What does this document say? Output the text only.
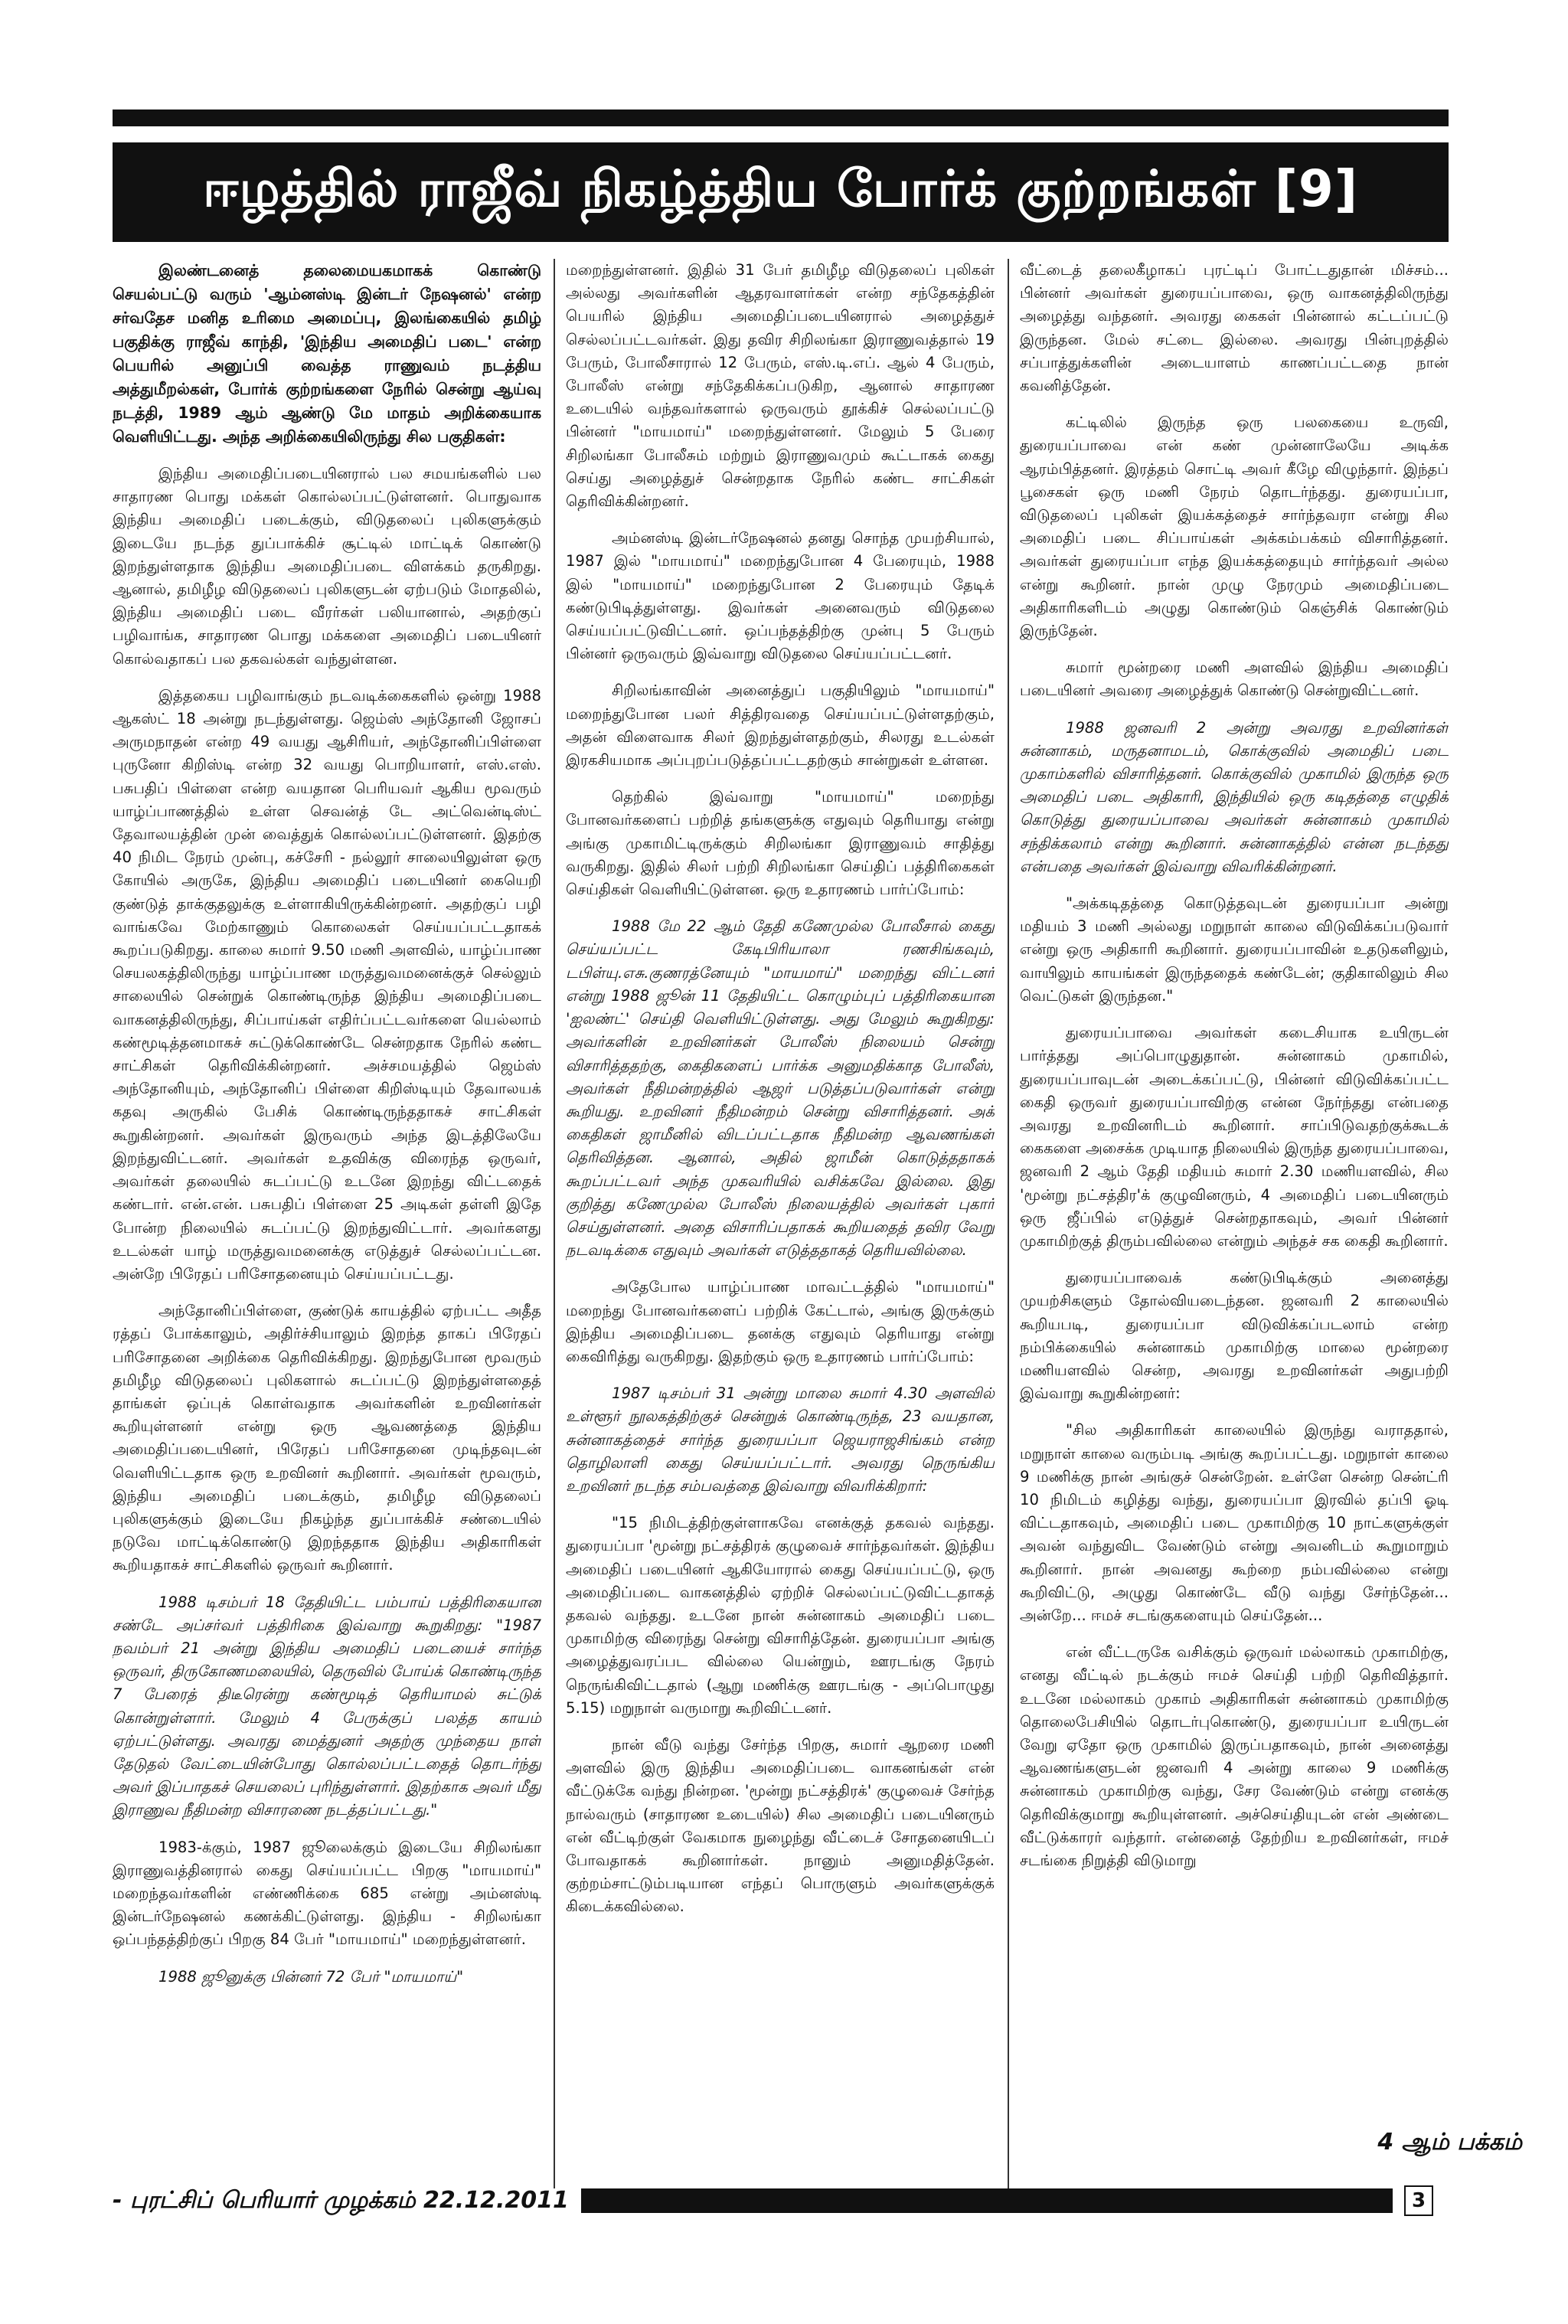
ஈழத்தில் ராஜீவ் நிகழ்த்திய போர்க் குற்றங்கள் [9]

இலண்டனைத் தலைமையகமாகக் கொண்டு செயல்பட்டு வரும் 'ஆம்னஸ்டி இன்டர் நேஷனல்' என்ற சர்வதேச மனித உரிமை அமைப்பு, இலங்கையில் தமிழ் பகுதிக்கு ராஜீவ் காந்தி, 'இந்திய அமைதிப் படை' என்ற பெயரில் அனுப்பி வைத்த ராணுவம் நடத்திய அத்துமீறல்கள், போர்க் குற்றங்களை நேரில் சென்று ஆய்வு நடத்தி, 1989 ஆம் ஆண்டு மே மாதம் அறிக்கையாக வெளியிட்டது. அந்த அறிக்கையிலிருந்து சில பகுதிகள்:

இந்திய அமைதிப்படையினரால் பல சமயங்களில் பல சாதாரண பொது மக்கள் கொல்லப்பட்டுள்ளனர். பொதுவாக இந்திய அமைதிப் படைக்கும், விடுதலைப் புலிகளுக்கும் இடையே நடந்த துப்பாக்கிச் சூட்டில் மாட்டிக் கொண்டு இறந்துள்ளதாக இந்திய அமைதிப்படை விளக்கம் தருகிறது. ஆனால், தமிழீழ விடுதலைப் புலிகளுடன் ஏற்படும் மோதலில், இந்திய அமைதிப் படை வீரர்கள் பலியானால், அதற்குப் பழிவாங்க, சாதாரண பொது மக்களை அமைதிப் படையினர் கொல்வதாகப் பல தகவல்கள் வந்துள்ளன.

இத்தகைய பழிவாங்கும் நடவடிக்கைகளில் ஒன்று 1988 ஆகஸ்ட் 18 அன்று நடந்துள்ளது. ஜெம்ஸ் அந்தோனி ஜோசப் அருமநாதன் என்ற 49 வயது ஆசிரியர், அந்தோனிப்பிள்ளை புருனோ கிறிஸ்டி என்ற 32 வயது பொறியாளர், எஸ்.எஸ். பசுபதிப் பிள்ளை என்ற வயதான பெரியவர் ஆகிய மூவரும் யாழ்ப்பாணத்தில் உள்ள செவன்த் டே அட்வென்டிஸ்ட் தேவாலயத்தின் முன் வைத்துக் கொல்லப்பட்டுள்ளனர். இதற்கு 40 நிமிட நேரம் முன்பு, கச்சேரி - நல்லூர் சாலையிலுள்ள ஒரு கோயில் அருகே, இந்திய அமைதிப் படையினர் கையெறி குண்டுத் தாக்குதலுக்கு உள்ளாகியிருக்கின்றனர். அதற்குப் பழி வாங்கவே மேற்காணும் கொலைகள் செய்யப்பட்டதாகக் கூறப்படுகிறது. காலை சுமார் 9.50 மணி அளவில், யாழ்ப்பாண செயலகத்திலிருந்து யாழ்ப்பாண மருத்துவமனைக்குச் செல்லும் சாலையில் சென்றுக் கொண்டிருந்த இந்திய அமைதிப்படை வாகனத்திலிருந்து, சிப்பாய்கள் எதிர்ப்பட்டவர்களை யெல்லாம் கண்மூடித்தனமாகச் சுட்டுக்கொண்டே சென்றதாக நேரில் கண்ட சாட்சிகள் தெரிவிக்கின்றனர். அச்சமயத்தில் ஜெம்ஸ் அந்தோனியும், அந்தோனிப் பிள்ளை கிறிஸ்டியும் தேவாலயக் கதவு அருகில் பேசிக் கொண்டிருந்ததாகச் சாட்சிகள் கூறுகின்றனர். அவர்கள் இருவரும் அந்த இடத்திலேயே இறந்துவிட்டனர். அவர்கள் உதவிக்கு விரைந்த ஒருவர், அவர்கள் தலையில் சுடப்பட்டு உடனே இறந்து விட்டதைக் கண்டார். என்.என். பசுபதிப் பிள்ளை 25 அடிகள் தள்ளி இதே போன்ற நிலையில் சுடப்பட்டு இறந்துவிட்டார். அவர்களது உடல்கள் யாழ் மருத்துவமனைக்கு எடுத்துச் செல்லப்பட்டன. அன்றே பிரேதப் பரிசோதனையும் செய்யப்பட்டது.

அந்தோனிப்பிள்ளை, குண்டுக் காயத்தில் ஏற்பட்ட அதீத ரத்தப் போக்காலும், அதிர்ச்சியாலும் இறந்த தாகப் பிரேதப் பரிசோதனை அறிக்கை தெரிவிக்கிறது. இறந்துபோன மூவரும் தமிழீழ விடுதலைப் புலிகளால் சுடப்பட்டு இறந்துள்ளதைத் தாங்கள் ஒப்புக் கொள்வதாக அவர்களின் உறவினர்கள் கூறியுள்ளனர் என்று ஒரு ஆவணத்தை இந்திய அமைதிப்படையினர், பிரேதப் பரிசோதனை முடிந்தவுடன் வெளியிட்டதாக ஒரு உறவினர் கூறினார். அவர்கள் மூவரும், இந்திய அமைதிப் படைக்கும், தமிழீழ விடுதலைப் புலிகளுக்கும் இடையே நிகழ்ந்த துப்பாக்கிச் சண்டையில் நடுவே மாட்டிக்கொண்டு இறந்ததாக இந்திய அதிகாரிகள் கூறியதாகச் சாட்சிகளில் ஒருவர் கூறினார்.

1988 டிசம்பர் 18 தேதியிட்ட பம்பாய் பத்திரிகையான சண்டே அப்சர்வர் பத்திரிகை இவ்வாறு கூறுகிறது: "1987 நவம்பர் 21 அன்று இந்திய அமைதிப் படையைச் சார்ந்த ஒருவர், திருகோணமலையில், தெருவில் போய்க் கொண்டிருந்த 7 பேரைத் திடீரென்று கண்மூடித் தெரியாமல் சுட்டுக் கொன்றுள்ளார். மேலும் 4 பேருக்குப் பலத்த காயம் ஏற்பட்டுள்ளது. அவரது மைத்துனர் அதற்கு முந்தைய நாள் தேடுதல் வேட்டையின்போது கொல்லப்பட்டதைத் தொடர்ந்து அவர் இப்பாதகச் செயலைப் புரிந்துள்ளார். இதற்காக அவர் மீது இராணுவ நீதிமன்ற விசாரணை நடத்தப்பட்டது."

1983-க்கும், 1987 ஜூலைக்கும் இடையே சிறிலங்கா இராணுவத்தினரால் கைது செய்யப்பட்ட பிறகு "மாயமாய்" மறைந்தவர்களின் எண்ணிக்கை 685 என்று அம்னஸ்டி இன்டர்நேஷனல் கணக்கிட்டுள்ளது. இந்திய - சிறிலங்கா ஒப்பந்தத்திற்குப் பிறகு 84 பேர் "மாயமாய்" மறைந்துள்ளனர்.

1988 ஜூனுக்கு பின்னர் 72 பேர் "மாயமாய்"

மறைந்துள்ளனர். இதில் 31 பேர் தமிழீழ விடுதலைப் புலிகள் அல்லது அவர்களின் ஆதரவாளர்கள் என்ற சந்தேகத்தின் பெயரில் இந்திய அமைதிப்படையினரால் அழைத்துச் செல்லப்பட்டவர்கள். இது தவிர சிறிலங்கா இராணுவத்தால் 19 பேரும், போலீசாரால் 12 பேரும், எஸ்.டி.எப். ஆல் 4 பேரும், போலீஸ் என்று சந்தேகிக்கப்படுகிற, ஆனால் சாதாரண உடையில் வந்தவர்களால் ஒருவரும் தூக்கிச் செல்லப்பட்டு பின்னர் "மாயமாய்" மறைந்துள்ளனர். மேலும் 5 பேரை சிறிலங்கா போலீசும் மற்றும் இராணுவமும் கூட்டாகக் கைது செய்து அழைத்துச் சென்றதாக நேரில் கண்ட சாட்சிகள் தெரிவிக்கின்றனர்.

அம்னஸ்டி இன்டர்நேஷனல் தனது சொந்த முயற்சியால், 1987 இல் "மாயமாய்" மறைந்துபோன 4 பேரையும், 1988 இல் "மாயமாய்" மறைந்துபோன 2 பேரையும் தேடிக் கண்டுபிடித்துள்ளது. இவர்கள் அனைவரும் விடுதலை செய்யப்பட்டுவிட்டனர். ஒப்பந்தத்திற்கு முன்பு 5 பேரும் பின்னர் ஒருவரும் இவ்வாறு விடுதலை செய்யப்பட்டனர்.

சிறிலங்காவின் அனைத்துப் பகுதியிலும் "மாயமாய்" மறைந்துபோன பலர் சித்திரவதை செய்யப்பட்டுள்ளதற்கும், அதன் விளைவாக சிலர் இறந்துள்ளதற்கும், சிலரது உடல்கள் இரகசியமாக அப்புறப்படுத்தப்பட்டதற்கும் சான்றுகள் உள்ளன.

தெற்கில் இவ்வாறு "மாயமாய்" மறைந்து போனவர்களைப் பற்றித் தங்களுக்கு எதுவும் தெரியாது என்று அங்கு முகாமிட்டிருக்கும் சிறிலங்கா இராணுவம் சாதித்து வருகிறது. இதில் சிலர் பற்றி சிறிலங்கா செய்திப் பத்திரிகைகள் செய்திகள் வெளியிட்டுள்ளன. ஒரு உதாரணம் பார்ப்போம்:

1988 மே 22 ஆம் தேதி கணேமுல்ல போலீசால் கைது செய்யப்பட்ட கேடிபிரியாலா ரணசிங்கவும், டபிள்யு.எசு.குணரத்னேயும் "மாயமாய்" மறைந்து விட்டனர் என்று 1988 ஜூன் 11 தேதியிட்ட கொழும்புப் பத்திரிகையான 'ஐலண்ட்' செய்தி வெளியிட்டுள்ளது. அது மேலும் கூறுகிறது: அவர்களின் உறவினர்கள் போலீஸ் நிலையம் சென்று விசாரித்ததற்கு, கைதிகளைப் பார்க்க அனுமதிக்காத போலீஸ், அவர்கள் நீதிமன்றத்தில் ஆஜர் படுத்தப்படுவார்கள் என்று கூறியது. உறவினர் நீதிமன்றம் சென்று விசாரித்தனர். அக் கைதிகள் ஜாமீனில் விடப்பட்டதாக நீதிமன்ற ஆவணங்கள் தெரிவித்தன. ஆனால், அதில் ஜாமீன் கொடுத்ததாகக் கூறப்பட்டவர் அந்த முகவரியில் வசிக்கவே இல்லை. இது குறித்து கணேமுல்ல போலீஸ் நிலையத்தில் அவர்கள் புகார் செய்துள்ளனர். அதை விசாரிப்பதாகக் கூறியதைத் தவிர வேறு நடவடிக்கை எதுவும் அவர்கள் எடுத்ததாகத் தெரியவில்லை.

அதேபோல யாழ்ப்பாண மாவட்டத்தில் "மாயமாய்" மறைந்து போனவர்களைப் பற்றிக் கேட்டால், அங்கு இருக்கும் இந்திய அமைதிப்படை தனக்கு எதுவும் தெரியாது என்று கைவிரித்து வருகிறது. இதற்கும் ஒரு உதாரணம் பார்ப்போம்:

1987 டிசம்பர் 31 அன்று மாலை சுமார் 4.30 அளவில் உள்ளூர் நூலகத்திற்குச் சென்றுக் கொண்டிருந்த, 23 வயதான, சுன்னாகத்தைச் சார்ந்த துரையப்பா ஜெயராஜசிங்கம் என்ற தொழிலாளி கைது செய்யப்பட்டார். அவரது நெருங்கிய உறவினர் நடந்த சம்பவத்தை இவ்வாறு விவரிக்கிறார்:

"15 நிமிடத்திற்குள்ளாகவே எனக்குத் தகவல் வந்தது. துரையப்பா 'மூன்று நட்சத்திரக் குழுவைச் சார்ந்தவர்கள். இந்திய அமைதிப் படையினர் ஆகியோரால் கைது செய்யப்பட்டு, ஒரு அமைதிப்படை வாகனத்தில் ஏற்றிச் செல்லப்பட்டுவிட்டதாகத் தகவல் வந்தது. உடனே நான் சுன்னாகம் அமைதிப் படை முகாமிற்கு விரைந்து சென்று விசாரித்தேன். துரையப்பா அங்கு அழைத்துவரப்பட வில்லை யென்றும், ஊரடங்கு நேரம் நெருங்கிவிட்டதால் (ஆறு மணிக்கு ஊரடங்கு - அப்பொழுது 5.15) மறுநாள் வருமாறு கூறிவிட்டனர்.

நான் வீடு வந்து சேர்ந்த பிறகு, சுமார் ஆறரை மணி அளவில் இரு இந்திய அமைதிப்படை வாகனங்கள் என் வீட்டுக்கே வந்து நின்றன. 'மூன்று நட்சத்திரக்' குழுவைச் சேர்ந்த நால்வரும் (சாதாரண உடையில்) சில அமைதிப் படையினரும் என் வீட்டிற்குள் வேகமாக நுழைந்து வீட்டைச் சோதனையிடப் போவதாகக் கூறினார்கள். நானும் அனுமதித்தேன். குற்றம்சாட்டும்படியான எந்தப் பொருளும் அவர்களுக்குக் கிடைக்கவில்லை.

வீட்டைத் தலைகீழாகப் புரட்டிப் போட்டதுதான் மிச்சம்... பின்னர் அவர்கள் துரையப்பாவை, ஒரு வாகனத்திலிருந்து அழைத்து வந்தனர். அவரது கைகள் பின்னால் கட்டப்பட்டு இருந்தன. மேல் சட்டை இல்லை. அவரது பின்புறத்தில் சப்பாத்துக்களின் அடையாளம் காணப்பட்டதை நான் கவனித்தேன்.

கட்டிலில் இருந்த ஒரு பலகையை உருவி, துரையப்பாவை என் கண் முன்னாலேயே அடிக்க ஆரம்பித்தனர். இரத்தம் சொட்டி அவர் கீழே விழுந்தார். இந்தப் பூசைகள் ஒரு மணி நேரம் தொடர்ந்தது. துரையப்பா, விடுதலைப் புலிகள் இயக்கத்தைச் சார்ந்தவரா என்று சில அமைதிப் படை சிப்பாய்கள் அக்கம்பக்கம் விசாரித்தனர். அவர்கள் துரையப்பா எந்த இயக்கத்தையும் சார்ந்தவர் அல்ல என்று கூறினர். நான் முழு நேரமும் அமைதிப்படை அதிகாரிகளிடம் அழுது கொண்டும் கெஞ்சிக் கொண்டும் இருந்தேன்.

சுமார் மூன்றரை மணி அளவில் இந்திய அமைதிப் படையினர் அவரை அழைத்துக் கொண்டு சென்றுவிட்டனர்.

1988 ஜனவரி 2 அன்று அவரது உறவினர்கள் சுன்னாகம், மருதனாமடம், கொக்குவில் அமைதிப் படை முகாம்களில் விசாரித்தனர். கொக்குவில் முகாமில் இருந்த ஒரு அமைதிப் படை அதிகாரி, இந்தியில் ஒரு கடிதத்தை எழுதிக் கொடுத்து துரையப்பாவை அவர்கள் சுன்னாகம் முகாமில் சந்திக்கலாம் என்று கூறினார். சுன்னாகத்தில் என்ன நடந்தது என்பதை அவர்கள் இவ்வாறு விவரிக்கின்றனர்.

"அக்கடிதத்தை கொடுத்தவுடன் துரையப்பா அன்று மதியம் 3 மணி அல்லது மறுநாள் காலை விடுவிக்கப்படுவார் என்று ஒரு அதிகாரி கூறினார். துரையப்பாவின் உதடுகளிலும், வாயிலும் காயங்கள் இருந்ததைக் கண்டேன்; குதிகாலிலும் சில வெட்டுகள் இருந்தன."

துரையப்பாவை அவர்கள் கடைசியாக உயிருடன் பார்த்தது அப்பொழுதுதான். சுன்னாகம் முகாமில், துரையப்பாவுடன் அடைக்கப்பட்டு, பின்னர் விடுவிக்கப்பட்ட கைதி ஒருவர் துரையப்பாவிற்கு என்ன நேர்ந்தது என்பதை அவரது உறவினரிடம் கூறினார். சாப்பிடுவதற்குக்கூடக் கைகளை அசைக்க முடியாத நிலையில் இருந்த துரையப்பாவை, ஜனவரி 2 ஆம் தேதி மதியம் சுமார் 2.30 மணியளவில், சில 'மூன்று நட்சத்திர'க் குழுவினரும், 4 அமைதிப் படையினரும் ஒரு ஜீப்பில் எடுத்துச் சென்றதாகவும், அவர் பின்னர் முகாமிற்குத் திரும்பவில்லை என்றும் அந்தச் சக கைதி கூறினார்.

துரையப்பாவைக் கண்டுபிடிக்கும் அனைத்து முயற்சிகளும் தோல்வியடைந்தன. ஜனவரி 2 காலையில் கூறியபடி, துரையப்பா விடுவிக்கப்படலாம் என்ற நம்பிக்கையில் சுன்னாகம் முகாமிற்கு மாலை மூன்றரை மணியளவில் சென்ற, அவரது உறவினர்கள் அதுபற்றி இவ்வாறு கூறுகின்றனர்:

"சில அதிகாரிகள் காலையில் இருந்து வராததால், மறுநாள் காலை வரும்படி அங்கு கூறப்பட்டது. மறுநாள் காலை 9 மணிக்கு நான் அங்குச் சென்றேன். உள்ளே சென்ற சென்ட்ரி 10 நிமிடம் கழித்து வந்து, துரையப்பா இரவில் தப்பி ஓடி விட்டதாகவும், அமைதிப் படை முகாமிற்கு 10 நாட்களுக்குள் அவன் வந்துவிட வேண்டும் என்று அவனிடம் கூறுமாறும் கூறினார். நான் அவனது கூற்றை நம்பவில்லை என்று கூறிவிட்டு, அழுது கொண்டே வீடு வந்து சேர்ந்தேன்... அன்றே... ஈமச் சடங்குகளையும் செய்தேன்...

என் வீட்டருகே வசிக்கும் ஒருவர் மல்லாகம் முகாமிற்கு, எனது வீட்டில் நடக்கும் ஈமச் செய்தி பற்றி தெரிவித்தார். உடனே மல்லாகம் முகாம் அதிகாரிகள் சுன்னாகம் முகாமிற்கு தொலைபேசியில் தொடர்புகொண்டு, துரையப்பா உயிருடன் வேறு ஏதோ ஒரு முகாமில் இருப்பதாகவும், நான் அனைத்து ஆவணங்களுடன் ஜனவரி 4 அன்று காலை 9 மணிக்கு சுன்னாகம் முகாமிற்கு வந்து, சேர வேண்டும் என்று எனக்கு தெரிவிக்குமாறு கூறியுள்ளனர். அச்செய்தியுடன் என் அண்டை வீட்டுக்காரர் வந்தார். என்னைத் தேற்றிய உறவினர்கள், ஈமச் சடங்கை நிறுத்தி விடுமாறு

4 ஆம் பக்கம்
- புரட்சிப் பெரியார் முழக்கம் 22.12.2011	3
